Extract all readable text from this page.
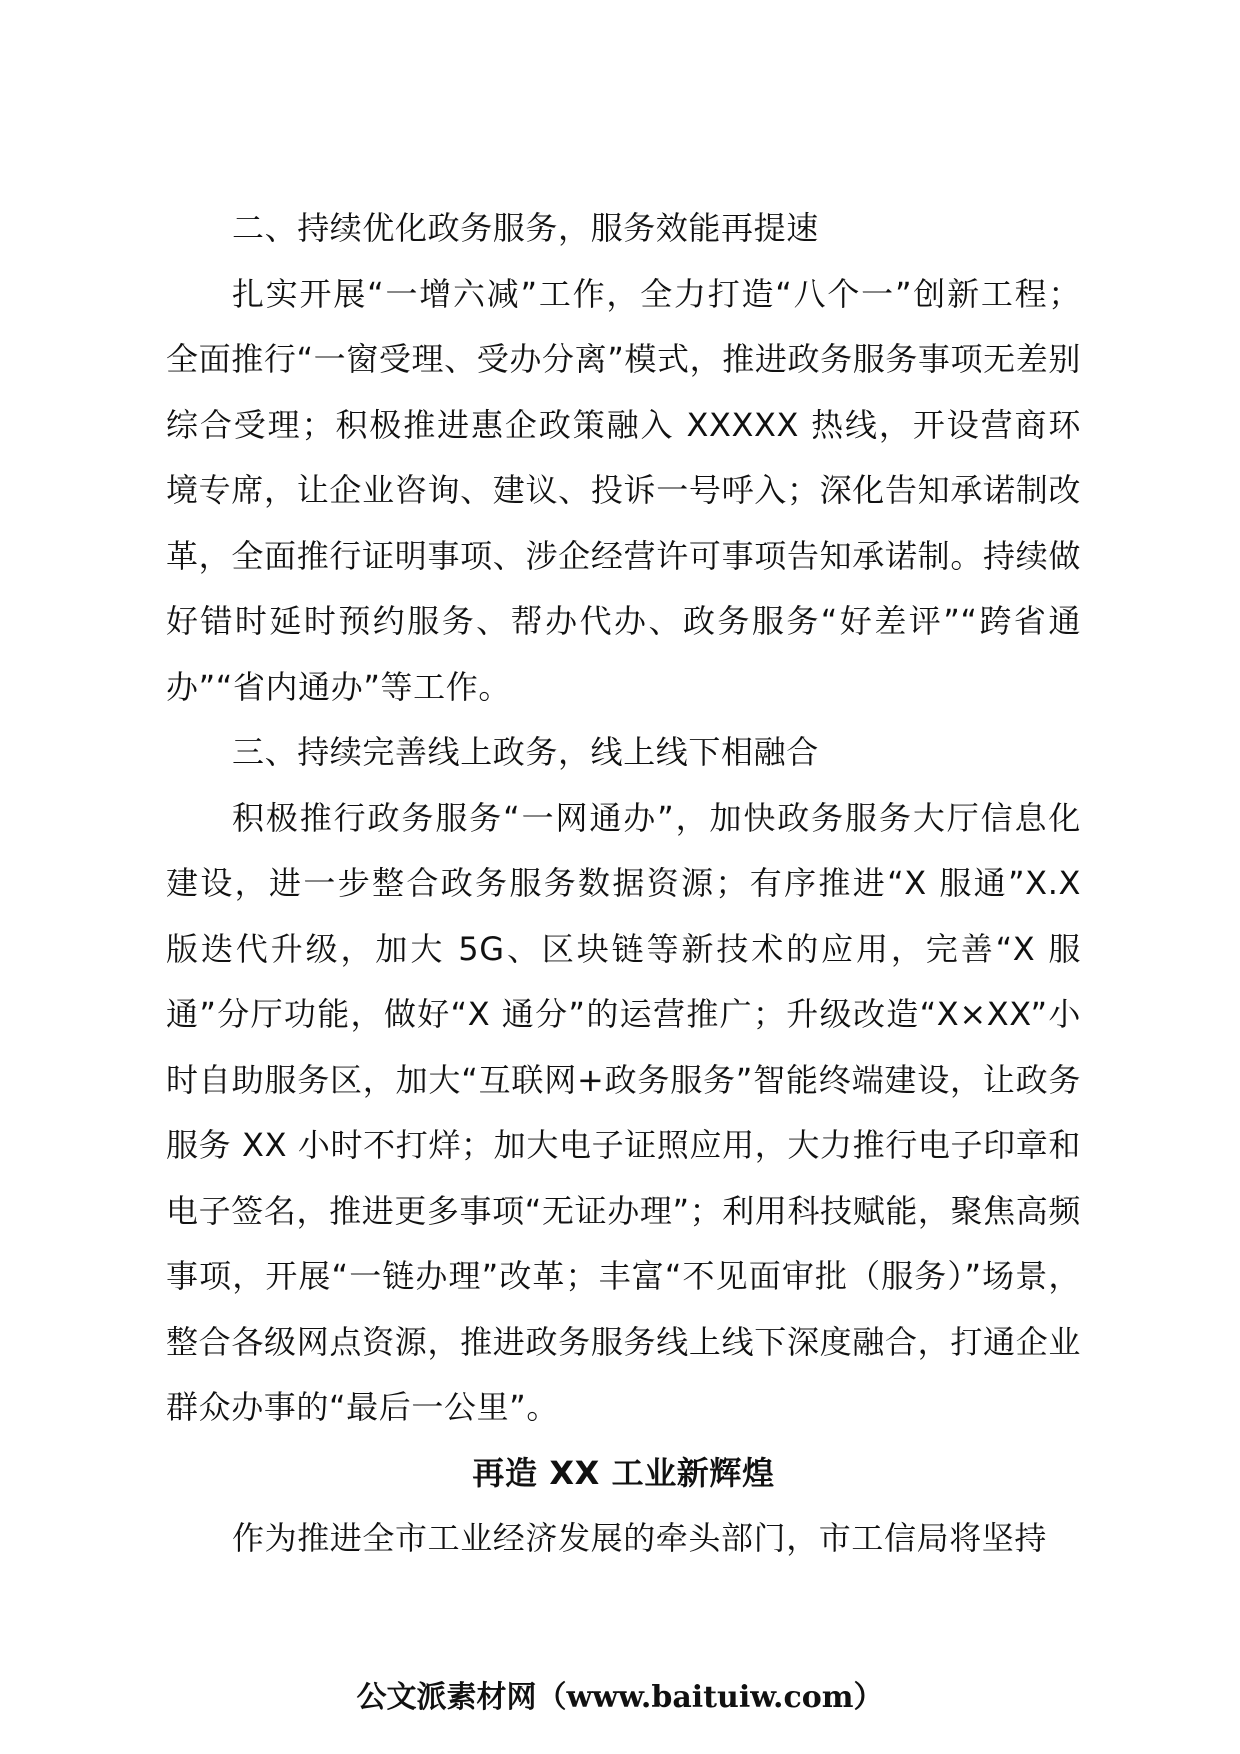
二、持续优化政务服务，服务效能再提速

扎实开展“一增六减”工作，全力打造“八个一”创新工程；全面推行“一窗受理、受办分离”模式，推进政务服务事项无差别综合受理；积极推进惠企政策融入 XXXXX 热线，开设营商环境专席，让企业咨询、建议、投诉一号呼入；深化告知承诺制改革，全面推行证明事项、涉企经营许可事项告知承诺制。持续做好错时延时预约服务、帮办代办、政务服务“好差评”“跨省通办”“省内通办”等工作。

三、持续完善线上政务，线上线下相融合

积极推行政务服务“一网通办”，加快政务服务大厅信息化建设，进一步整合政务服务数据资源；有序推进“X 服通”X.X 版迭代升级，加大 5G、区块链等新技术的应用，完善“X 服通”分厅功能，做好“X 通分”的运营推广；升级改造“X×XX”小时自助服务区，加大“互联网+政务服务”智能终端建设，让政务服务 XX 小时不打烊；加大电子证照应用，大力推行电子印章和电子签名，推进更多事项“无证办理”；利用科技赋能，聚焦高频事项，开展“一链办理”改革；丰富“不见面审批（服务）”场景，整合各级网点资源，推进政务服务线上线下深度融合，打通企业群众办事的“最后一公里”。

再造 XX 工业新辉煌

作为推进全市工业经济发展的牵头部门，市工信局将坚持

公文派素材网（www.baituiw.com）
